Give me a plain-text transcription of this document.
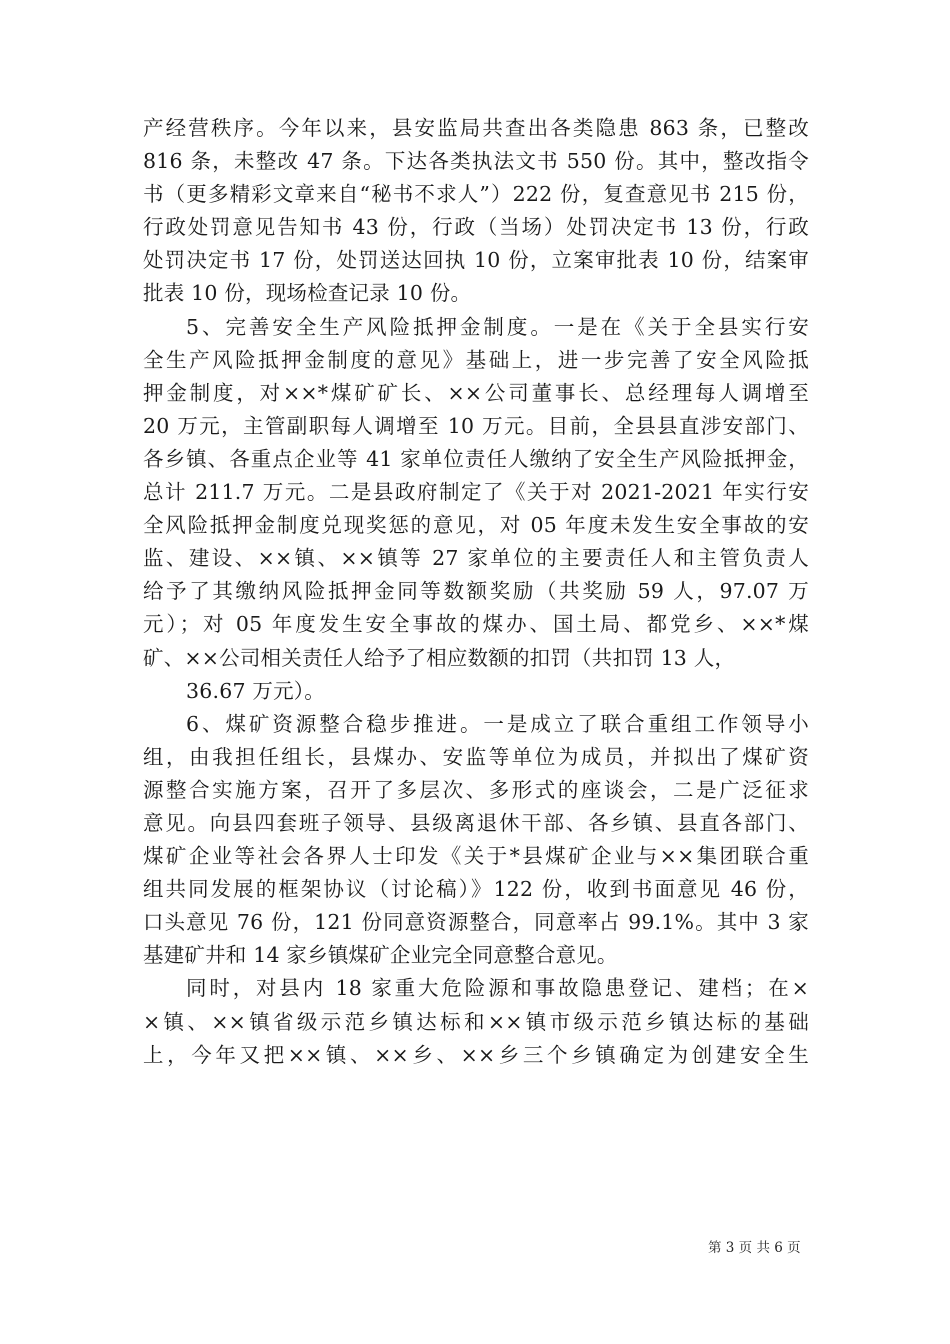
产经营秩序。今年以来，县安监局共查出各类隐患 863 条，已整改
816 条，未整改 47 条。下达各类执法文书 550 份。其中，整改指令
书（更多精彩文章来自“秘书不求人”）222 份，复查意见书 215 份，
行政处罚意见告知书 43 份，行政（当场）处罚决定书 13 份，行政
处罚决定书 17 份，处罚送达回执 10 份，立案审批表 10 份，结案审
批表 10 份，现场检查记录 10 份。
5、完善安全生产风险抵押金制度。一是在《关于全县实行安
全生产风险抵押金制度的意见》基础上，进一步完善了安全风险抵
押金制度，对××*煤矿矿长、××公司董事长、总经理每人调增至
20 万元，主管副职每人调增至 10 万元。目前，全县县直涉安部门、
各乡镇、各重点企业等 41 家单位责任人缴纳了安全生产风险抵押金，
总计 211.7 万元。二是县政府制定了《关于对 2021-2021 年实行安
全风险抵押金制度兑现奖惩的意见，对 05 年度未发生安全事故的安
监、建设、××镇、××镇等 27 家单位的主要责任人和主管负责人
给予了其缴纳风险抵押金同等数额奖励（共奖励 59 人，97.07 万
元）；对 05 年度发生安全事故的煤办、国土局、都党乡、××*煤
矿、××公司相关责任人给予了相应数额的扣罚（共扣罚 13 人，
36.67 万元）。
6、煤矿资源整合稳步推进。一是成立了联合重组工作领导小
组，由我担任组长，县煤办、安监等单位为成员，并拟出了煤矿资
源整合实施方案，召开了多层次、多形式的座谈会，二是广泛征求
意见。向县四套班子领导、县级离退休干部、各乡镇、县直各部门、
煤矿企业等社会各界人士印发《关于*县煤矿企业与××集团联合重
组共同发展的框架协议（讨论稿）》122 份，收到书面意见 46 份，
口头意见 76 份，121 份同意资源整合，同意率占 99.1%。其中 3 家
基建矿井和 14 家乡镇煤矿企业完全同意整合意见。
同时，对县内 18 家重大危险源和事故隐患登记、建档；在×
×镇、××镇省级示范乡镇达标和××镇市级示范乡镇达标的基础
上，今年又把××镇、××乡、××乡三个乡镇确定为创建安全生
第 3 页 共 6 页
